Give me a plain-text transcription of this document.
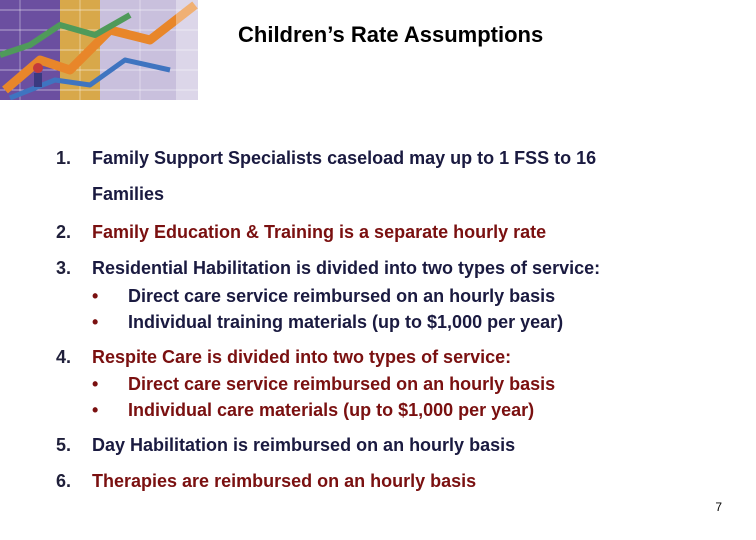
Children’s Rate Assumptions
1. Family Support Specialists caseload may up to 1 FSS to 16
Families
2. Family Education & Training is a separate hourly rate
3. Residential Habilitation is divided into two types of service:
• Direct care service reimbursed on an hourly basis
• Individual training materials (up to $1,000 per year)
4. Respite Care is divided into two types of service:
• Direct care service reimbursed on an hourly basis
• Individual care materials (up to $1,000 per year)
5. Day Habilitation is reimbursed on an hourly basis
6. Therapies are reimbursed on an hourly basis
7
